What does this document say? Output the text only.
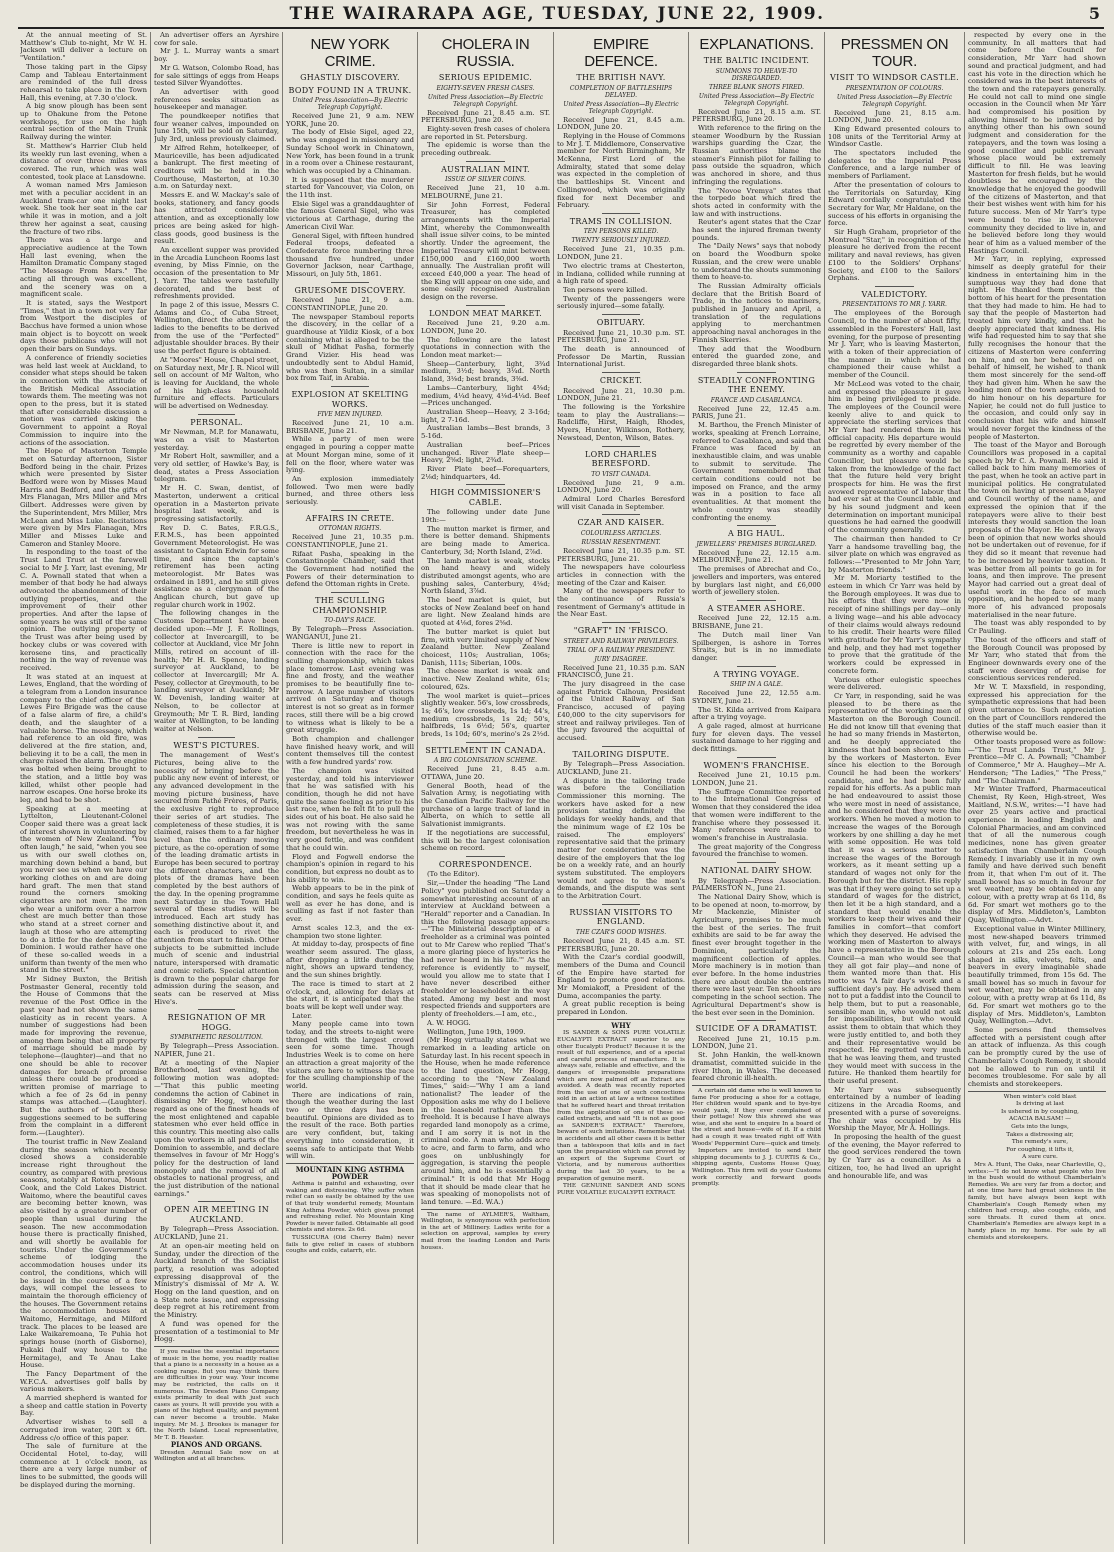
THE WAIRARAPA AGE, TUESDAY, JUNE 22, 1909.	5

At the annual meeting of St. Matthew's Club to-night, Mr W. H. Jackson will deliver a lecture on "Ventilation."

Those taking part in the Gipsy Camp and Tableau Entertainment are reminded of the full dress rehearsal to take place in the Town Hall, this evening, at 7.30 o'clock.

A big snow plough has been sent up to Ohakune from the Petone workshops, for use on the high central section of the Main Trunk Railway during the winter.

St. Matthew's Harrier Club held its weekly run last evening, when a distance of over three miles was covered. The run, which was well contested, took place at Lansdowne.

A woman named Mrs Jamieson met with a peculiar accident in an Auckland tram-car one night last week. She took her seat in the car while it was in motion, and a jolt threw her against a seat, causing the fracture of two ribs.

There was a large and appreciative audience at the Town Hall last evening, when the Hamilton Dramatic Company staged "The Message From Mars." The acting all through was excellent, and the scenery was on a magnificent scale.

It is stated, says the Westport "Times," that in a town not very far from Westport the disciples of Bacchus have formed a union whose main object is to boycott on week days those publicans who will not open their bars on Sundays.

A conference of friendly societies was held last week at Auckland, to consider what steps should be taken in connection with the attitude of the British Medical Association towards them. The meeting was not open to the press, but it is stated that after considerable discussion a motion was carried asking the Government to appoint a Royal Commission to inquire into the actions of the association.

The Hope of Masterton Temple met on Saturday afternoon, Sister Bedford being in the chair. Prizes which were presented by Sister Bedford were won by Misses Maud Harris and Bedford, and the gifts of Mrs Flanagan, Mrs Miller and Mrs Gilbert. Addresses were given by the Superintendent, Mrs Miller, Mrs McLean and Miss Luke. Recitations were given by Mrs Flanagan, Mrs Miller and Misses Luke and Cameron and Stanley Moore.

In responding to the toast of the Trust Land Trust at the farewell social to Mr J. Yarr, last evening, Mr C. A. Pownall stated that when a member of that body he had always advocated the abandonment of their outlying properties, and the improvement of their other properties. And after the lapse of some years he was still of the same opinion. The outlying property of the Trust was after being used by hockey clubs or was covered with kerosene tins, and practically nothing in the way of revenue was received.

It was stated at an inquest at Lewes, England, that the wording of a telegram from a London insurance company to the chief officer of the Lewes Fire Brigade was the cause of a false alarm of fire, a child's death, and the slaughter of a valuable horse. The message, which had reference to an old fire, was delivered at the fire station, and, believing it to be a call, the men in charge raised the alarm. The engine was bolted when being brought to the station, and a little boy was killed, whilst other people had narrow escapes. One horse broke its leg, and had to be shot.

Speaking at a meeting at Lyttelton, Lieutenant-Colonel Cooper said there was a great lack of interest shown in volunteering by the women of New Zealand. "You often laugh," he said, "when you see us with our swell clothes on, marching down behind a band, but you never see us when we have our working clothes on and are doing hard graft. The men that stand round the corners smoking cigarettes are not men. The men who wear a uniform over a narrow chest are much better than those who stand at a street corner and laugh at those who are attempting to do a little for the defence of the Dominion. I would rather have one of these so-called weeds in a uniform than twenty of the men who stand in the street."

Mr Sidney Buxton, the British Postmaster General, recently told the House of Commons that the revenue of the Post Office in the past year had not shown the same elasticity as in recent years. A number of suggestions had been made for improving the revenue, among them being that all property of marriage should be made by telephone—(laughter)—and that no one should be able to recover damages for breach of promise unless there could be produced a written promise of marriage to which a fee of 2s 6d in penny stamps was attached.—(Laughter). But the authors of both these suggestions seemed to be suffering from the complaint in a different form.—(Laughter).

The tourist traffic in New Zealand during the season which recently closed shows a considerable increase right throughout the country, as compared with previous seasons, notably at Rotorua, Mount Cook, and the Cold Lakes District. Waitomo, where the beautiful caves are becoming better known, was also visited by a greater number of people than usual during the season. The new accommodation house there is practically finished, and will shortly be available for tourists. Under the Government's scheme of lodging the accommodation houses under its control, the conditions, which will be issued in the course of a few days, will compel the lessees to maintain the thorough efficiency of the houses. The Government retains the accommodation houses at Waitomo, Hermitage, and Milford track. The places to be leased are Lake Waikaremoana, Te Puhia hot springs house (north of Gisborne), Pukaki (half way house to the Hermitage), and Te Anau Lake House.

The Fancy Department of the W.F.C.A. advertises golf balls by various makers.

A married shepherd is wanted for a sheep and cattle station in Poverty Bay.

Advertiser wishes to sell a corrugated iron water, 20ft x 6ft. Address c/o office of this paper.

The sale of furniture at the Occidental Hotel, to-day, will commence at 1 o'clock noon, as there are a very large number of lines to be submitted, the goods will be displayed during the morning.

An advertiser offers an Ayrshire cow for sale.

Mr J. L. Murray wants a smart boy.

Mr G. Watson, Colombo Road, has for sale sittings of eggs from Heaps tested Silver Wyandottes.

An advertiser with good references seeks situation as housekeeper and manager.

The poundkeeper notifies that four weaner calves, impounded on June 15th, will be sold on Saturday, July 3rd, unless previously claimed.

Mr Alfred Rehm, hotelkeeper, of Mauriceville, has been adjudicated a bankrupt. The first meeting of creditors will be held in the Courthouse, Masterton, at 10.30 a.m. on Saturday next.

Messrs E. and W. Mackay's sale of books, stationery, and fancy goods has attracted considerable attention, and as exceptionally low prices are being asked for high-class goods, good business is the result.

An excellent supper was provided in the Arcadia Luncheon Rooms last evening, by Miss Finnie, on the occasion of the presentation to Mr J. Yarr. The tables were tastefully decorated, and the best of refreshments provided.

In page 2 of this issue, Messrs C. Adams and Co., of Cuba Street, Wellington, direct the attention of ladies to the benefits to be derived from the use of the "Perfected" adjustable shoulder braces. By their use the perfect figure is obtained.

At "Moores" House, Chapel street, on Saturday next, Mr J. R. Nicol will sell on account of Mr Walton, who is leaving for Auckland, the whole of his high-class household furniture and effects. Particulars will be advertised on Wednesday.

PERSONAL.

Mr Newman, M.P. for Manawatu, was on a visit to Masterton yesterday.

Mr Robert Holt, sawmiller, and a very old settler, of Hawke's Bay, is dead, states a Press Association telegram.

Mr H. C. Swan, dentist, of Masterton, underwent a critical operation in a Masterton private hospital last week, and is progressing satisfactorily.

Rev D. C. Bates, F.R.G.S., F.R.M.S., has been appointed Government Meteorologist. He was assistant to Captain Edwin for some time, and since the captain's retirement has been acting meteorologist. Mr Bates was ordained in 1891, and he still gives assistance as a clergyman of the Anglican church, but gave up regular church work in 1902.

The following changes in the Customs Department have been decided upon:—Mr J. F. Rollings, collector at Invercargill, to be collector at Auckland, vice Mr John Mills, retired on account of ill-health; Mr H. R. Spence, landing surveyor at Auckland, to be collector at Invercargill; Mr A. Pesey, collector at Greymouth, to be landing surveyor at Auckland; Mr W. Devenish, landing waiter at Nelson, to be collector at Greymouth; Mr T. R. Bird, landing waiter at Wellington, to be landing waiter at Nelson.

WEST'S PICTURES.

The management of West's Pictures, being alive to the necessity of bringing before the public any new event of interest, or any advanced development in the moving picture business, have secured from Pathé Frères, of Paris, the exclusive right to reproduce their series of art studies. The completeness of these studies, it is claimed, raises them to a far higher level than the ordinary moving picture, as the co-operation of some of the leading dramatic artists in Europe has been secured to portray the different characters, and the plots of the dramas have been completed by the best authors of the day. In the opening programme next Saturday in the Town Hall several of these studies will be introduced. Each art study has something distinctive about it, and each is produced to rivet the attention from start to finish. Other subjects to be submitted include much of scenic and industrial nature, interspersed with dramatic and comic reliefs. Special attention is drawn to the popular charge for admission during the season, and seats can be reserved at Miss Hive's.

RESIGNATION OF MR HOGG.
SYMPATHETIC RESOLUTION.

By Telegraph—Press Association. NAPIER, June 21.

At a meeting of the Napier Brotherhood, last evening, the following motion was adopted:—"That this public meeting condemns the action of Cabinet in dismissing Mr Hogg, whom we regard as one of the finest heads of the most enlightened and capable statesmen who ever held office in this country. This meeting also calls upon the workers in all parts of the Dominion to assemble, and declare themselves in favour of Mr Hogg's policy for the destruction of land monopoly and the removal of all obstacles to national progress, and the just distribution of the national earnings."

OPEN AIR MEETING IN AUCKLAND.

By Telegraph—Press Association. AUCKLAND, June 21.

At an open-air meeting held on Sunday, under the direction of the Auckland branch of the Socialist party, a resolution was adopted expressing disapproval of the Ministry's dismissal of Mr A. W. Hogg on the land question, and on a State note issue, and expressing deep regret at his retirement from the Ministry.

A fund was opened for the presentation of a testimonial to Mr Hogg.

If you realise the essential importance of music in the home, you readily realise that a piano is a necessity in a house as a cooking range. But you may think there are difficulties in your way. Your income may be restricted, the calls on it numerous. The Dresden Piano Company exists primarily to deal with just such cases as yours. It will provide you with a piano of the highest quality, and payment can never become a trouble. Make inquiry. Mr M. J. Brookes is manager for the North Island. Local representative, Mr T. B. Heaster.

PIANOS AND ORGANS.

Dresden Annual Sale now on at Wellington and at all branches.

NEW YORK CRIME.
GHASTLY DISCOVERY.
BODY FOUND IN A TRUNK.
United Press Association—By Electric Telegraph Copyright.

Received June 21, 9 a.m. NEW YORK, June 20.

The body of Elsie Sigel, aged 22, who was engaged in missionary and Sunday School work in Chinatown, New York, has been found in a trunk in a room over a Chinese restaurant, which was occupied by a Chinaman.

It is supposed that the murderer started for Vancouver, via Colon, on the 11th inst.

Elsie Sigel was a granddaughter of the famous General Sigel, who was victorious at Carthage, during the American Civil War.

General Sigel, with fifteen hundred Federal troops, defeated a Confederate force numbering three thousand five hundred, under Governor Jackson, near Carthage, Missouri, on July 5th, 1861.

GRUESOME DISCOVERY.

Received June 21, 9 a.m. CONSTANTINOPLE, June 20.

The newspaper Stamboul reports the discovery, in the cellar of a guardhouse at Yildiz Kiosk, of a box containing what is alleged to be the skull of Midhat Pasha, formerly Grand Vizier. His head was undoubtedly sent to Abdul Hamid, who was then Sultan, in a similar box from Taif, in Arabia.

EXPLOSION AT SKELTING WORKS.
FIVE MEN INJURED.

Received June 21, 10 a.m. BRISBANE, June 21.

While a party of men were engaged in pouring a copper matte at Mount Morgan mine, some of it fell on the floor, where water was lying.

An explosion immediately followed. Two men were badly burned, and three others less seriously.

AFFAIRS IN CRETE.
OTTOMAN RIGHTS.

Received June 21, 10.35 p.m. CONSTANTINOPLE, June 21.

Rifaat Pasha, speaking in the Constantinople Chamber, said that the Government had notified the Powers of their determination to defend the Ottoman rights in Crete.

THE SCULLING CHAMPIONSHIP.
TO-DAY'S RACE.

By Telegraph—Press Association. WANGANUI, June 21.

There is little new to report in connection with the race for the sculling championship, which takes place tomorrow. Last evening was fine and frosty, and the weather promises to be beautifully fine to-morrow. A large number of visitors arrived on Saturday and though interest is not so great as in former races, still there will be a big crowd to witness what is likely to be a great struggle.

Both champion and challenger have finished heavy work, and will content themselves till the contest with a few hundred yards' row.

The champion was visited yesterday, and told his interviewer that he was satisfied with his condition, though he did not have quite the same feeling as prior to his last race, when he felt fit to pull the sides out of his boat. He also said he was not rowing with the same freedom, but nevertheless he was in very good fettle, and was confident that he could win.

Floyd and Fogwell endorse the champion's opinion in regard to his condition, but express no doubt as to his ability to win.

Webb appears to be in the pink of condition, and says he feels quite as well as ever he has done, and is sculling as fast if not faster than ever.

Arnst scales 12.3, and the ex-champion two stone lighter.

At midday to-day, prospects of fine weather seem assured. The glass, after dropping a little during the night, shows an upward tendency, and the sun shines brightly.

The race is timed to start at 2 o'clock, and, allowing for delays at the start, it is anticipated that the boats will be kept well under way.

Later.

Many people came into town today, and the streets to-night were thronged with the largest crowd seen for some time. Though Industries Week is to come on here an attraction a great majority of the visitors are here to witness the race for the sculling championship of the world.

There are indications of rain, though the weather during the last two or three days has been beautiful. Opinions are divided as to the result of the race. Both parties are very confident, but, taking everything into consideration, it seems safe to anticipate that Webb will win.

MOUNTAIN KING ASTHMA POWDER

Asthma is painful and exhausting, over waking and distressing. Why suffer when relief can so easily be obtained by the use of that truly wonderful remedy, Mountain King Asthma Powder, which gives prompt and refreshing relief. No Mountain King Powder is never failed. Obtainable all good chemists and stores. 2s 6d.

TUSSICURA (Old Cherry Balm) never fails to give relief in cases of stubborn coughs and colds, catarrh, etc.

CHOLERA IN RUSSIA.
SERIOUS EPIDEMIC.
EIGHTY-SEVEN FRESH CASES.
United Press Association—By Electric Telegraph Copyright.

Received June 21, 8.45 a.m. ST. PETERSBURG, June 20.

Eighty-seven fresh cases of cholera are reported in St. Petersburg.

The epidemic is worse than the preceding outbreak.

AUSTRALIAN MINT.
ISSUE OF SILVER COINS.

Received June 21, 10 a.m. MELBOURNE, June 21.

Sir John Forrest, Federal Treasurer, has completed arrangements with the Imperial Mint, whereby the Commonwealth shall issue silver coins, to be minted shortly. Under the agreement, the Imperial Treasury will mint between £150,000 and £160,000 worth annually. The Australian profit will exceed £40,000 a year. The head of the King will appear on one side, and some easily recognised Australian design on the reverse.

LONDON MEAT MARKET.

Received June 21, 9.20 a.m. LONDON, June 20.

The following are the latest quotations in connection with the London meat market:—

Sheep—Canterbury, light, 3¾d medium, 3½d; heavy, 3¼d. North Island, 3⅛d; best brands, 3⅜d.

Lambs—Canterbury, light 4⅜d; medium, 4¼d heavy, 4⅛d-4¼d. Beef—Prices unchanged.

Australian Sheep—Heavy, 2 3-16d; light, 2 7-16d.

Australian lambs—Best brands, 3 5-16d.

Australian beef—Prices unchanged. River Plate sheep—Heavy, 2⅝d; light, 2¾d.

River Plate beef—Forequarters, 2⅛d; hindquarters, 4d.

HIGH COMMISSIONER'S CABLE.

The following under date June 19th:—

The mutton market is firmer, and there is better demand. Shipments are being made to America. Canterbury, 3d; North Island, 2⅞d.

The lamb market is weak, stocks on hand heavy and widely distributed amongst agents, who are pushing sales, Canterbury, 4⅛d; North Island, 3⅞d.

The beef market is quiet, but stocks of New Zealand beef on hand are light. New Zealand hinds are quoted at 4⅛d, fores 2⅝d.

The butter market is quiet but firm, with very limited supply of New Zealand butter. New Zealand choicest, 110s; Australian, 106s; Danish, 111s; Siberian, 100s.

The cheese market is weak and inactive. New Zealand white, 61s; coloured, 62s.

The wool market is quiet—prices slightly weaker. 56's, low crossbreds, 1s; 46's, low crossbreds, 1s 1d; 44's, medium crossbreds, 1s 2d; 50's, halfbreds, 1s 6½d; 56's, quarter breds, 1s 10d; 60's, merino's 2s 2½d.

SETTLEMENT IN CANADA.
A BIG COLONISATION SCHEME.

Received June 21, 8.45 a.m. OTTAWA, June 20.

General Booth, head of the Salvation Army, is negotiating with the Canadian Pacific Railway for the purchase of a large tract of land in Alberta, on which to settle all Salvationist immigrants.

If the negotiations are successful, this will be the largest colonisation scheme on record.

CORRESPONDENCE.

(To the Editor).

Sir,—Under the heading "The Land Policy" you published on Saturday a somewhat interesting account of an interview at Auckland between a "Herald" reporter and a Canadian. In this the following passage appears:—"The Ministerial description of a freeholder as a criminal was pointed out to Mr Carew who replied 'That's a more glaring piece of hysterics he had never heard in his life.'" As the reference is evidently to myself, would you allow me to state that I have never described either freeholder or leaseholder in the way stated. Among my best and most respected friends and supporters are plenty of freeholders.—I am, etc.,

A. W. HOGG.

Wellington, June 19th, 1909.

(Mr Hogg virtually states what we remarked in a leading article on Saturday last. In his recent speech in the House, when he made reference to the land question, Mr Hogg, according to the "New Zealand Times," said:—"Why I am a land nationalist? The leader of the Opposition asks me why do I believe in the leasehold rather than the freehold. It is because I have always regarded land monopoly as a crime, and I am sorry it is not in the criminal code. A man who adds acre to acre, and farm to farm, and who goes on unblushingly for aggregation, is starving the people around him, and he is essentially a criminal." It is odd that Mr Hogg that it should be made clear that he was speaking of monopolists not of land tenure. —Ed. W.A.)

The name of AYLMER'S, Waltham, Wellington, is synonymous with perfection in the art of Millinery. Ladies write for a selection on approval, samples by every mail from the leading London and Paris houses.

EMPIRE DEFENCE.
THE BRITISH NAVY.
COMPLETION OF BATTLESHIPS DELAYED.
United Press Association—By Electric Telegraph Copyright.

Received June 21, 8.45 a.m. LONDON, June 20.

Replying in the House of Commons to Mr J. T. Middlemore, Conservative member for North Birmingham, Mr McKenna, First Lord of the Admiralty, stated that some delay was expected in the completion of the battleships St. Vincent and Collingwood, which was originally fixed for next December and February.

TRAMS IN COLLISION.
TEN PERSONS KILLED.
TWENTY SERIOUSLY INJURED.

Received June 21, 10.35 p.m. LONDON, June 21.

Two electric trams at Chesterton, in Indiana, collided while running at a high rate of speed.

Ten persons were killed.

Twenty of the passengers were seriously injured—some fatally.

OBITUARY.

Received June 21, 10.30 p.m. ST. PETERSBURG, June 21.

The death is announced of Professor De Martin, Russian International Jurist.

CRICKET.

Received June 21, 10.30 p.m. LONDON, June 21.

The following is the Yorkshire team to play the Australians:—Radcliffe, Hirst, Haigh, Rhodes, Myers, Hunter, Wilkinson, Rothery, Newstead, Denton, Wilson, Bates.

LORD CHARLES BERESFORD.
TO VISIT CANADA.

Received June 21, 9 a.m. LONDON, June 20.

Admiral Lord Charles Beresford will visit Canada in September.

CZAR AND KAISER.
COLOURLESS ARTICLES.
RUSSIAN RESENTMENT.

Received June 21, 10.35 p.m. ST. PETERSBURG, June 21.

The newspapers have colourless articles in connection with the meeting of the Czar and Kaiser.

Many of the newspapers refer to the continuance of Russia's resentment of Germany's attitude in the Near East.

"GRAFT" IN 'FRISCO.
STREET AND RAILWAY PRIVILEGES.
TRIAL OF A RAILWAY PRESIDENT.
JURY DISAGREE.

Received June 21, 10.35 p.m. SAN FRANCISCO, June 21.

The jury disagreed in the case against Patrick Calhoun, President of the United Railway of San Francisco, accused of paying £40,000 to the city supervisors for street and railway privileges. Ten of the jury favoured the acquittal of accused.

TAILORING DISPUTE.

By Telegraph—Press Association. AUCKLAND, June 21.

A dispute in the tailoring trade was before the Conciliation Commissioner this morning. The workers have asked for a new provision stating definitely the holidays for weekly hands, and that the minimum wage of £2 10s be raised. The employers' representative said that the primary matter for consideration was the desire of the employers that the log be on a weekly rate, and an hourly system substituted. The employers would not agree to the men's demands, and the dispute was sent to the Arbitration Court.

RUSSIAN VISITORS TO ENGLAND.
THE CZAR'S GOOD WISHES.

Received June 21, 8.45 a.m. ST. PETERSBURG, June 20.

With the Czar's cordial goodwill, members of the Duma and Council of the Empire have started for England to promote good relations. Mr Momiakoff, a President of the Duma, accompanies the party.

A great public reception is being prepared in London.

WHY

IS SANDER & SONS PURE VOLATILE EUCALYPTI EXTRACT superior to any other Eucalypti Product? Because it is the result of full experience, and of a special and careful process of manufacture. It is always safe, reliable and effective, and the dangers of irresponsible preparations which are now palmed off as Extract are avoided. A death was recently reported from the use of one of such concoctions sold in an action at law a witness testified that he suffered heart and throat irritation from the application of one of these so-called extracts, and said "It is not as good as SANDER'S EXTRACT." Therefore, beware of such imitations. Remember that in accidents and all other cases it is better than a tablespoon that kills and in fact upon the preparation which can proved by an expert of the Supreme Court of Victoria, and by numerous authorities during the last 30 years, to be a preparation of genuine merit.

THE GENUINE SANDER AND SONS PURE VOLATILE EUCALYPTI EXTRACT.

EXPLANATIONS.
THE BALTIC INCIDENT.
SUMMONS TO HEAVE-TO DISREGARDED.
THREE BLANK SHOTS FIRED.
United Press Association—By Electric Telegraph Copyright.

Received June 21, 8.15 a.m. ST. PETERSBURG, June 20.

With reference to the firing on the steamer Woodburn by the Russian warships guarding the Czar, the Russian authorities blame the steamer's Finnish pilot for failing to pass outside the squadron, which was anchored in shore, and thus infringing the regulations.

The "Novoe Vremya" states that the torpedo boat which fired the shots acted in conformity with the law and with instructions.

Reuter's agent states that the Czar has sent the injured fireman twenty pounds.

The "Daily News" says that nobody on board the Woodburn spoke Russian, and the crew were unable to understand the shouts summoning them to heave-to.

The Russian Admiralty officials declare that the British Board of Trade, in the notices to mariners, published in January and April, a translation of the regulations applying to merchantmen approaching naval anchorages in the Finnish Skerries.

They add that the Woodburn entered the guarded zone, and disregarded three blank shots.

STEADILY CONFRONTING THE ENEMY.
FRANCE AND CASABLANCA.

Received June 22, 12.45 a.m. PARIS, June 21.

M. Barthou, the French Minister of works, speaking at French Lorraine, referred to Casablanca, and said that France was faced by an inexhaustible claim, and was unable to submit to servitude. The Government remembered that certain conditions could not be imposed on France, and the army was in a position to face all eventualities. At that moment the whole country was steadily confronting the enemy.

A BIG HAUL.
JEWELLERS' PREMISES BURGLARED.

Received June 22, 12.15 a.m. MELBOURNE, June 21.

The premises of Abrechat and Co., jewellers and importers, was entered by burglars last night, and £6,000 worth of jewellery stolen.

A STEAMER ASHORE.

Received June 22, 12.15 a.m. BRISBANE, June 21.

The Dutch mail liner Van Spilbergen, is ashore in Torres Straits, but is in no immediate danger.

A TRYING VOYAGE.
SHIP IN A GALE.

Received June 22, 12.55 a.m. SYDNEY, June 21.

The St. Kilda arrived from Kaipara after a trying voyage.

A gale raged, almost at hurricane fury for eleven days. The vessel sustained damage to her rigging and deck fittings.

WOMEN'S FRANCHISE.

Received June 21, 10.15 p.m. LONDON, June 21.

The Suffrage Committee reported to the International Congress of Women that they considered the idea that women were indifferent to the franchise where they possessed it. Many references were made to women's franchise in Australasia.

The great majority of the Congress favoured the franchise to women.

NATIONAL DAIRY SHOW.

By Telegraph—Press Association. PALMERSTON N., June 21.

The National Dairy Show, which is to be opened at noon, to-morrow, by Mr Mackenzie, Minister of Agriculture, promises to be much the best of the series. The fruit exhibits are said to be far away the finest ever brought together in the Dominion, particularly the magnificent collection of apples. More machinery is in motion than ever before. In the home industries there are about double the entries there were last year. Ten schools are competing in the school section. The Agricultural Department's show is the best ever seen in the Dominion.

SUICIDE OF A DRAMATIST.

Received June 21, 10.15 p.m. LONDON, June 21.

St. John Hankin, the well-known dramatist, committed suicide in the river Ithon, in Wales. The deceased feared chronic ill-health.

A certain old dame who is well known to fame For producing a shoe for a cottage, Her children would spank and to bye-bye would yank, If they ever complained of their pottage! Now this shrewd she was wise, and she sent to enquire In a board of the street and house—wife of it. If a child had a cough it was treated right off With Woods' Peppermint Cure—quick and timely.

Importers are invited to send their shipping documents to J. J. CURTIS & Co., shipping agents, Customs House Quay, Wellington. This firm will do your Customs work correctly and forward goods promptly.

PRESSMEN ON TOUR.
VISIT TO WINDSOR CASTLE.
PRESENTATION OF COLOURS.
United Press Association—By Electric Telegraph Copyright.

Received June 21, 8.15 a.m. LONDON, June 20.

King Edward presented colours to 108 units of the Territorial Army at Windsor Castle.

The spectators included the delegates to the Imperial Press Conference, and a large number of members of Parliament.

After the presentation of colours to the Territorials on Saturday, King Edward cordially congratulated the Secretary for War, Mr Haldane, on the success of his efforts in organising the force.

Sir Hugh Graham, proprietor of the Montreal "Star," in recognition of the pleasure he derived from the recent military and naval reviews, has given £100 to the Soldiers' Orphans' Society, and £100 to the Sailors' Orphans.

VALEDICTORY.
PRESENTATIONS TO MR J. YARR.

The employees of the Borough Council, to the number of about fifty, assembled in the Foresters' Hall, last evening, for the purpose of presenting Mr J. Yarr, who is leaving Masterton, with a token of their appreciation of the manner in which he had championed their cause whilst a member of the Council.

Mr McLeod was voted to the chair, and expressed the pleasure it gave him in being privileged to preside. The employees of the Council were keenly alive to and quick to appreciate the sterling services that Mr Yarr had rendered them in his official capacity. His departure would be regretted by every member of the community as a worthy and capable Councillor, but pleasure would be taken from the knowledge of the fact that the future held very bright prospects for him. He was the first avowed representative of labour that had ever sat at the Council table, and by his sound judgment and keen determination on important municipal questions he had earned the goodwill of the community generally.

The chairman then handed to Cr Yarr a handsome travelling bag, the silver plate on which was engraved as follows:—"Presented to Mr John Yarr, by Masterton friends."

Mr M. Moriarty testified to the esteem in which Cr Yarr was held by the Borough employees. It was due to his efforts that they were now in receipt of nine shillings per day—only a living wage—and his able advocacy of their claims would always redound to his credit. Their hearts were filled with gratitude for Mr Yarr's sympathy and help, and they had met together to prove that the gratitude of the workers could be expressed in concrete form.

Various other eulogistic speeches were delivered.

Cr Yarr, in responding, said he was pleased to be there as the representative of the working men of Masterton on the Borough Council. He did not know till that evening that he had so many friends in Masterton, and he deeply appreciated the kindness that had been shown to him by the workers of Masterton. Ever since his election to the Borough Council he had been the workers' candidate, and he had been fully repaid for his efforts. As a public man he had endeavoured to assist those who were most in need of assistance, and he considered that they were the workers. When he moved a motion to increase the wages of the Borough workers by one shilling a day he met with some opposition. He was told that it was a serious matter to increase the wages of the Borough workers, as it meant setting up a standard of wages not only for the Borough but for the district. His reply was that if they were going to set up a standard of wages for the district, then let it be a high standard, and a standard that would enable the workers to keep their wives and their families in comfort—that comfort which they deserved. He advised the working men of Masterton to always have a representative in the Borough Council—a man who would see that they all got fair play—and none of them wanted more than that. His motto was "A fair day's work and a sufficient day's pay. He advised them not to put a faddist into the Council to help them, but to put a reasonable, sensible man in, who would not ask for impossibilities, but who would assist them to obtain that which they were justly entitled to, and both they and their representative would be respected. He regretted very much that he was leaving them, and trusted they would meet with success in the future. He thanked them heartily for their useful present.

Mr Yarr was subsequently entertained by a number of leading citizens in the Arcadia Rooms, and presented with a purse of sovereigns. The chair was occupied by His Worship the Mayor, Mr A. Hollings.

In proposing the health of the guest of the evening, the Mayor referred to the good services rendered the town by Cr Yarr as a councillor. As a citizen, too, he had lived an upright and honourable life, and was

respected by every one in the community. In all matters that had come before the Council for consideration, Mr Yarr had shown sound and practical judgment, and had cast his vote in the direction which he considered was in the best interests of the town and the ratepayers generally. He could not call to mind one single occasion in the Council when Mr Yarr had compromised his position by allowing himself to be influenced by anything other than his own sound judgment and consideration for the ratepayers, and the town was losing a good councillor and public servant whose place would be extremely difficult to fill. He was leaving Masterton for fresh fields, but he would doubtless be encouraged by the knowledge that he enjoyed the goodwill of the citizens of Masterton, and that their best wishes went with him for his future success. Men of Mr Yarr's type were bound to rise in whatever community they decided to live in, and he believed before long they would hear of him as a valued member of the Hastings Council.

Mr Yarr, in replying, expressed himself as deeply grateful for their kindness in entertaining him in the sumptuous way they had done that night. He thanked them from the bottom of his heart for the presentation that they had made to him. He had to say that the people of Masterton had treated him very kindly, and that he deeply appreciated that kindness. His wife had requested him to say that she fully recognises the honour that the citizens of Masterton were conferring on him, and on her behalf, and on behalf of himself, he wished to thank them most sincerely for the send-off they had given him. When he saw the leading men of the town assembled to do him honour on his departure for Napier, he could not do full justice to the occasion, and could only say in conclusion that his wife and himself would never forget the kindness of the people of Masterton.

The toast of the Mayor and Borough Councillors was proposed in a capital speech by Mr C. A. Pownall. He said it called back to him many memories of the past, when he took an active part in municipal politics. He congratulated the town on having at present a Mayor and Council worthy of the name, and expressed the opinion that if the ratepayers were alive to their best interests they would sanction the loan proposals of the Mayor. He had always been of opinion that new works should not be undertaken out of revenue, for if they did so it meant that revenue had to be increased by heavier taxation. It was better from all points to go in for loans, and then improve. The present Mayor had carried out a great deal of useful work in the face of much opposition, and he hoped to see many more of his advanced proposals materialised in the near future.

The toast was ably responded to by Cr Pauling.

The toast of the officers and staff of the Borough Council was proposed by Mr Yarr, who stated that from the Engineer downwards every one of the staff were deserving of praise for conscientious services rendered.

Mr W. T. Maxsfield, in responding, expressed his appreciation for the sympathetic expressions that had been given utterance to. Such appreciation on the part of Councillors rendered the duties of the staff much easier than it otherwise would be.

Other toasts proposed were as follow:—"The Trust Lands Trust," Mr J. Prentice—Mr C. A. Pownall; "Chamber of Commerce," Mr A. Haughey—Mr A. Henderson; "The Ladies," "The Press," and "The Chairman."

Mr Winter Trafford, Pharmaceutical Chemist, Ry Keen, High-street, Wes Maitland, N.S.W., writes:—"I have had over 25 years active and practical experience in leading English and Colonial Pharmacies, and am convinced that of all the numerous cough medicines, none has given greater satisfaction than Chamberlain Cough Remedy. I invariably use it in my own family and have derived such benefit from it, that when I'm out of it. The small bowel has so much in favour for wet weather, may be obtained in any colour, with a pretty wrap at 6s 11d, 8s 6d. For smart wet mothers go to the display of Mrs. Middleton's, Lambton Quay, Wellington.—Advt.

Exceptional value in Winter Millinery, most new-shaped beavers trimmed with velvet, fur, and wings, in all colours at 21s and 25s each. Long shaped in silks, velvets, felts, and beavers in every imaginable shade beautifully trimmed, from 15s 6d. The small bowel has so much in favour for wet weather, may be obtained in any colour, with a pretty wrap at 6s 11d, 8s 6d. For smart wet mothers go to the display of Mrs. Middleton's, Lambton Quay, Wellington.—Advt.

Some persons find themselves affected with a persistent cough after an attack of influenza. As this cough can be promptly cured by the use of Chamberlain's Cough Remedy, it should not be allowed to run on until it becomes troublesome. For sale by all chemists and storekeepers.

When winter's cold blast

Is driving at last

Is ushered in by coughing,

ACACIA BALSAM! —

Gets into the lungs,

Takes a distressing air,

The remedy's sure,

For coughing, it lifts it,

A sure cure.

Mrs A. Hunt, The Oaks, near Charleville, Q., writes:—"I do not know what people who live in the bush would do without Chamberlain's Remedies. We are very far from a doctor, and at one time have had great sickness in the family, but have always been kept with Chamberlain's Cough Remedy when my children had croup, also coughs, colds, and sore throats. It cured them at once. Chamberlain's Remedies are always kept in a handy place in my home. For sale by all chemists and storekeepers.
